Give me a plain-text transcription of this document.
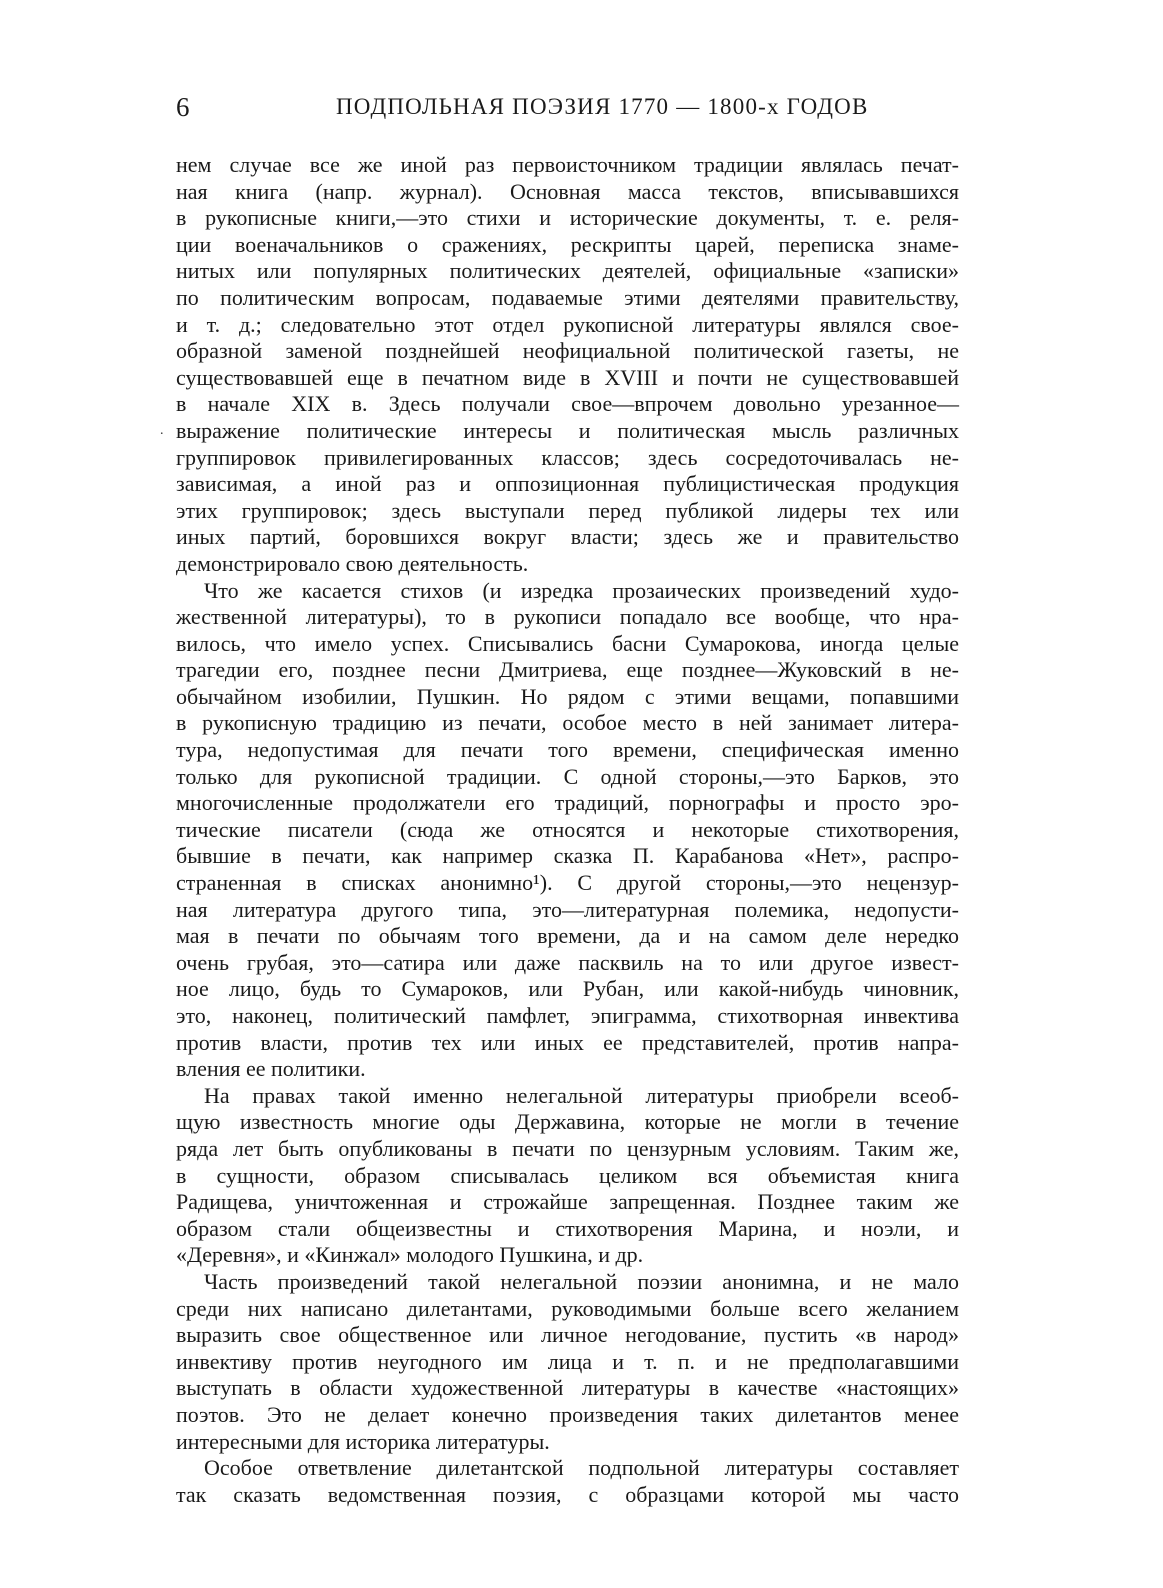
6	ПОДПОЛЬНАЯ ПОЭЗИЯ 1770 — 1800-х ГОДОВ
.
нем случае все же иной раз первоисточником традиции являлась печат-
ная книга (напр. журнал). Основная масса текстов, вписывавшихся
в рукописные книги,—это стихи и исторические документы, т. е. реля-
ции военачальников о сражениях, рескрипты царей, переписка знаме-
нитых или популярных политических деятелей, официальные «записки»
по политическим вопросам, подаваемые этими деятелями правительству,
и т. д.; следовательно этот отдел рукописной литературы являлся свое-
образной заменой позднейшей неофициальной политической газеты, не
существовавшей еще в печатном виде в XVIII и почти не существовавшей
в начале XIX в. Здесь получали свое—впрочем довольно урезанное—
выражение политические интересы и политическая мысль различных
группировок привилегированных классов; здесь сосредоточивалась не-
зависимая, а иной раз и оппозиционная публицистическая продукция
этих группировок; здесь выступали перед публикой лидеры тех или
иных партий, боровшихся вокруг власти; здесь же и правительство
демонстрировало свою деятельность.
Что же касается стихов (и изредка прозаических произведений худо-
жественной литературы), то в рукописи попадало все вообще, что нра-
вилось, что имело успех. Списывались басни Сумарокова, иногда целые
трагедии его, позднее песни Дмитриева, еще позднее—Жуковский в не-
обычайном изобилии, Пушкин. Но рядом с этими вещами, попавшими
в рукописную традицию из печати, особое место в ней занимает литера-
тура, недопустимая для печати того времени, специфическая именно
только для рукописной традиции. С одной стороны,—это Барков, это
многочисленные продолжатели его традиций, порнографы и просто эро-
тические писатели (сюда же относятся и некоторые стихотворения,
бывшие в печати, как например сказка П. Карабанова «Нет», распро-
страненная в списках анонимно¹). С другой стороны,—это нецензур-
ная литература другого типа, это—литературная полемика, недопусти-
мая в печати по обычаям того времени, да и на самом деле нередко
очень грубая, это—сатира или даже пасквиль на то или другое извест-
ное лицо, будь то Сумароков, или Рубан, или какой-нибудь чиновник,
это, наконец, политический памфлет, эпиграмма, стихотворная инвектива
против власти, против тех или иных ее представителей, против напра-
вления ее политики.
На правах такой именно нелегальной литературы приобрели всеоб-
щую известность многие оды Державина, которые не могли в течение
ряда лет быть опубликованы в печати по цензурным условиям. Таким же,
в сущности, образом списывалась целиком вся объемистая книга
Радищева, уничтоженная и строжайше запрещенная. Позднее таким же
образом стали общеизвестны и стихотворения Марина, и ноэли, и
«Деревня», и «Кинжал» молодого Пушкина, и др.
Часть произведений такой нелегальной поэзии анонимна, и не мало
среди них написано дилетантами, руководимыми больше всего желанием
выразить свое общественное или личное негодование, пустить «в народ»
инвективу против неугодного им лица и т. п. и не предполагавшими
выступать в области художественной литературы в качестве «настоящих»
поэтов. Это не делает конечно произведения таких дилетантов менее
интересными для историка литературы.
Особое ответвление дилетантской подпольной литературы составляет
так сказать ведомственная поэзия, с образцами которой мы часто
